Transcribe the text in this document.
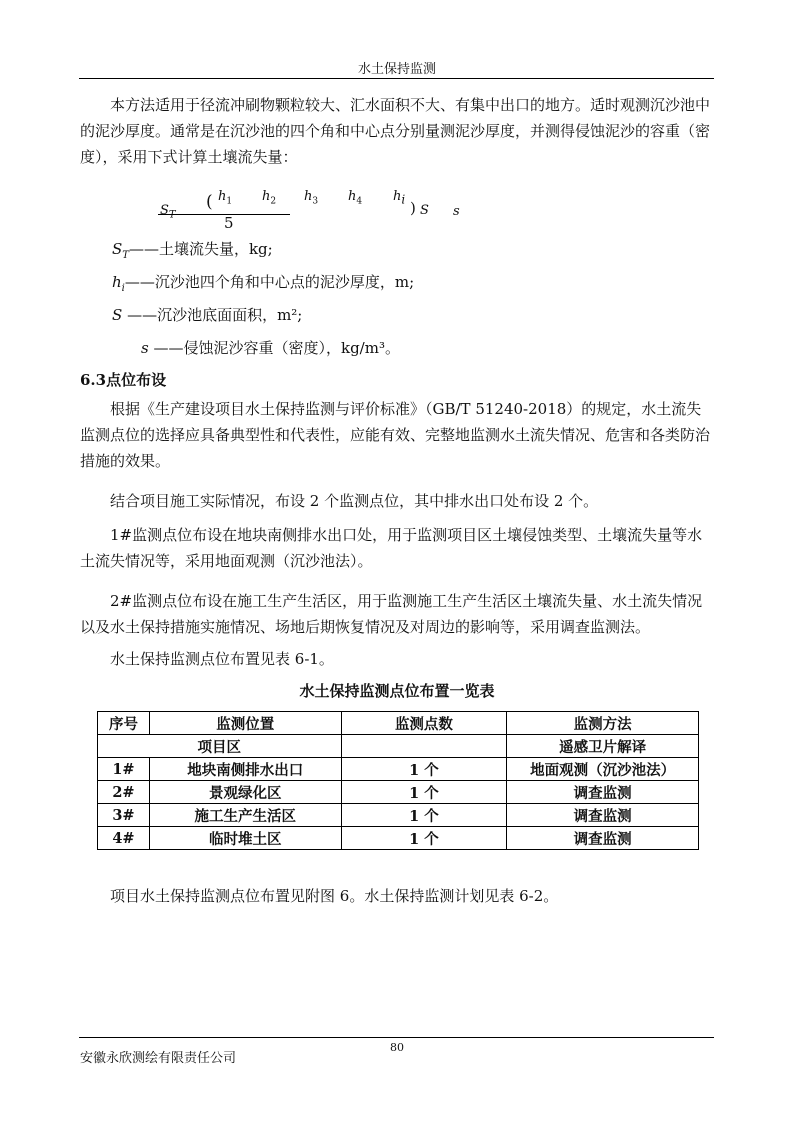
水土保持监测

本方法适用于径流冲刷物颗粒较大、汇水面积不大、有集中出口的地方。适时观测沉沙池中的泥沙厚度。通常是在沉沙池的四个角和中心点分别量测泥沙厚度，并测得侵蚀泥沙的容重（密度），采用下式计算土壤流失量：

$S_T$
( $h_1$ $h_2$ $h_3$ $h_4$ $h_i$ ) S s
5
$S_T——$土壤流失量，kg;
$h_i——$沉沙池四个角和中心点的泥沙厚度，m;
S ——沉沙池底面面积，m²;
s ——侵蚀泥沙容重（密度），kg/m³。
6.3点位布设

根据《生产建设项目水土保持监测与评价标准》（GB/T 51240-2018）的规定，水土流失监测点位的选择应具备典型性和代表性，应能有效、完整地监测水土流失情况、危害和各类防治措施的效果。

结合项目施工实际情况，布设 2 个监测点位，其中排水出口处布设 2 个。

1#监测点位布设在地块南侧排水出口处，用于监测项目区土壤侵蚀类型、土壤流失量等水土流失情况等，采用地面观测（沉沙池法）。

2#监测点位布设在施工生产生活区，用于监测施工生产生活区土壤流失量、水土流失情况以及水土保持措施实施情况、场地后期恢复情况及对周边的影响等，采用调查监测法。

水土保持监测点位布置见表 6-1。

水土保持监测点位布置一览表
序号	监测位置	监测点数	监测方法
项目区			遥感卫片解译
1#	地块南侧排水出口	1 个	地面观测（沉沙池法）
2#	景观绿化区	1 个	调查监测
3#	施工生产生活区	1 个	调查监测
4#	临时堆土区	1 个	调查监测

项目水土保持监测点位布置见附图 6。水土保持监测计划见表 6-2。

80
安徽永欣测绘有限责任公司
